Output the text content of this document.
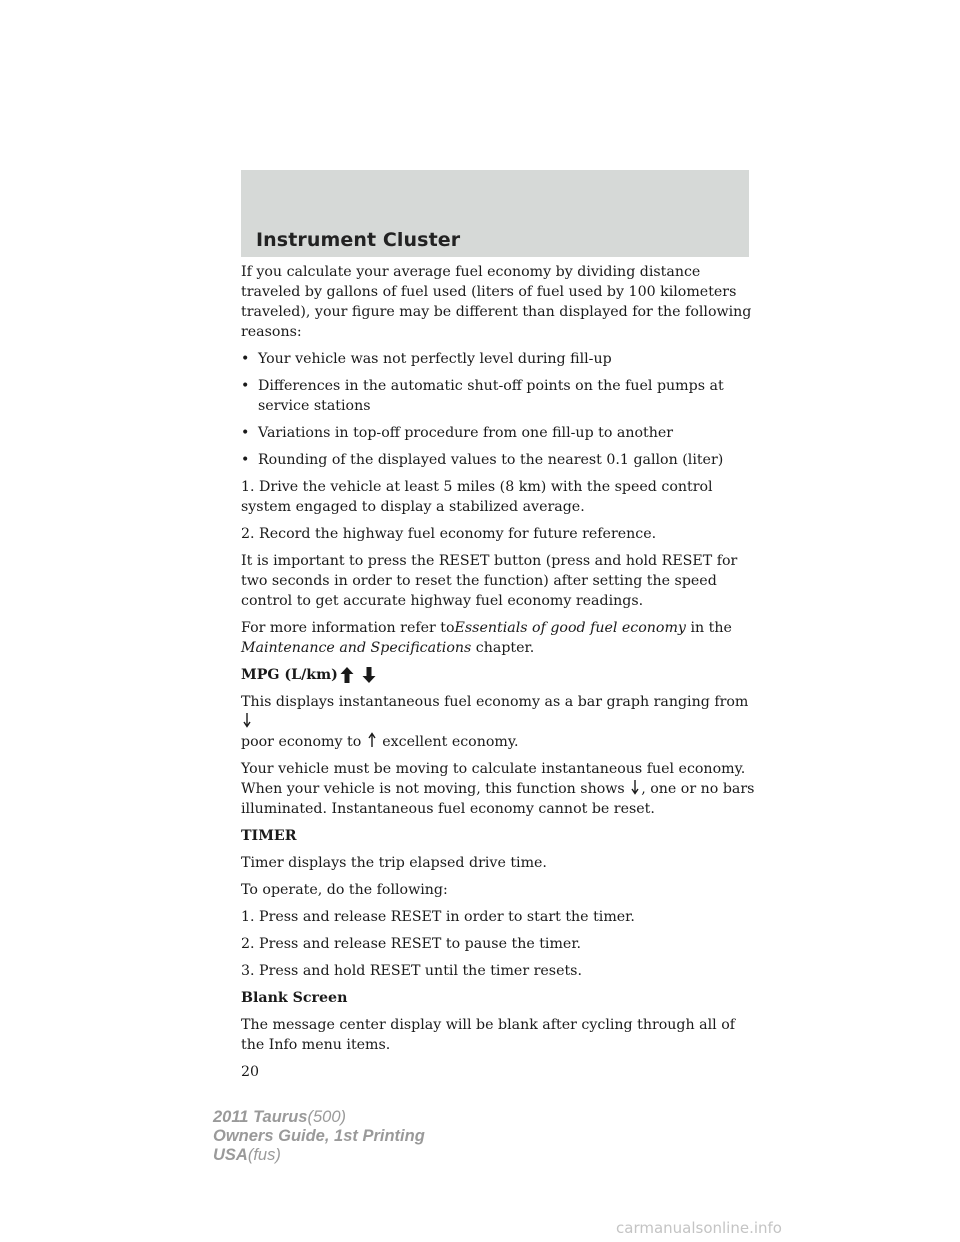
Instrument Cluster

If you calculate your average fuel economy by dividing distance traveled by gallons of fuel used (liters of fuel used by 100 kilometers traveled), your figure may be different than displayed for the following reasons:

• Your vehicle was not perfectly level during fill-up
• Differences in the automatic shut-off points on the fuel pumps at service stations
• Variations in top-off procedure from one fill-up to another
• Rounding of the displayed values to the nearest 0.1 gallon (liter)

1. Drive the vehicle at least 5 miles (8 km) with the speed control system engaged to display a stabilized average.

2. Record the highway fuel economy for future reference.

It is important to press the RESET button (press and hold RESET for two seconds in order to reset the function) after setting the speed control to get accurate highway fuel economy readings.

For more information refer toEssentials of good fuel economy in the Maintenance and Specifications chapter.

MPG (L/km)

This displays instantaneous fuel economy as a bar graph ranging from
poor economy to excellent economy.

Your vehicle must be moving to calculate instantaneous fuel economy. When your vehicle is not moving, this function shows , one or no bars illuminated. Instantaneous fuel economy cannot be reset.

TIMER

Timer displays the trip elapsed drive time.

To operate, do the following:

1. Press and release RESET in order to start the timer.

2. Press and release RESET to pause the timer.

3. Press and hold RESET until the timer resets.

Blank Screen

The message center display will be blank after cycling through all of the Info menu items.

20

2011 Taurus(500)
Owners Guide, 1st Printing
USA(fus)
carmanualsonline.info
